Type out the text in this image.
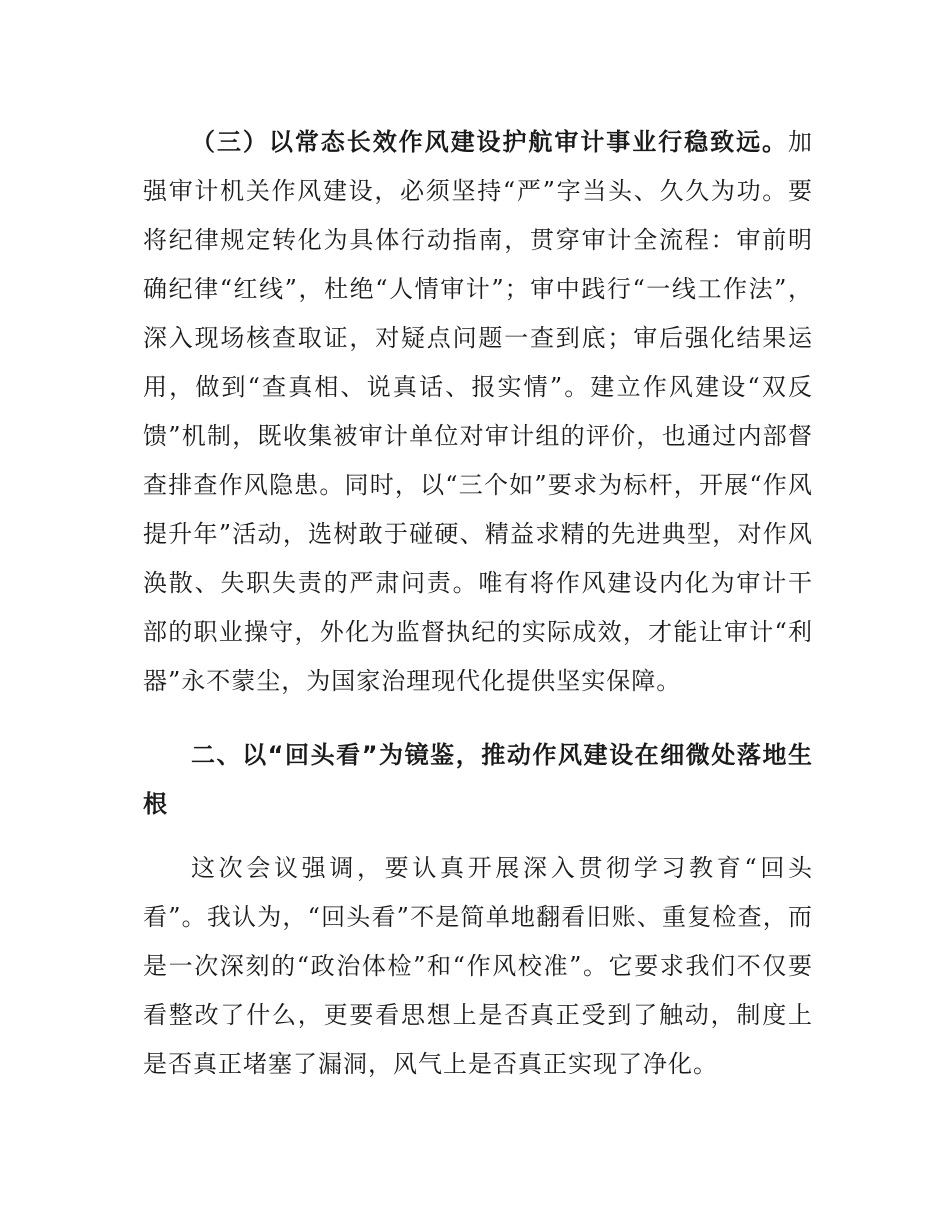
（三）以常态长效作风建设护航审计事业行稳致远。加强审计机关作风建设，必须坚持“严”字当头、久久为功。要将纪律规定转化为具体行动指南，贯穿审计全流程：审前明确纪律“红线”，杜绝“人情审计”；审中践行“一线工作法”，深入现场核查取证，对疑点问题一查到底；审后强化结果运用，做到“查真相、说真话、报实情”。建立作风建设“双反馈”机制，既收集被审计单位对审计组的评价，也通过内部督查排查作风隐患。同时，以“三个如”要求为标杆，开展“作风提升年”活动，选树敢于碰硬、精益求精的先进典型，对作风涣散、失职失责的严肃问责。唯有将作风建设内化为审计干部的职业操守，外化为监督执纪的实际成效，才能让审计“利器”永不蒙尘，为国家治理现代化提供坚实保障。

二、以“回头看”为镜鉴，推动作风建设在细微处落地生根

这次会议强调，要认真开展深入贯彻学习教育“回头看”。我认为，“回头看”不是简单地翻看旧账、重复检查，而是一次深刻的“政治体检”和“作风校准”。它要求我们不仅要看整改了什么，更要看思想上是否真正受到了触动，制度上是否真正堵塞了漏洞，风气上是否真正实现了净化。
